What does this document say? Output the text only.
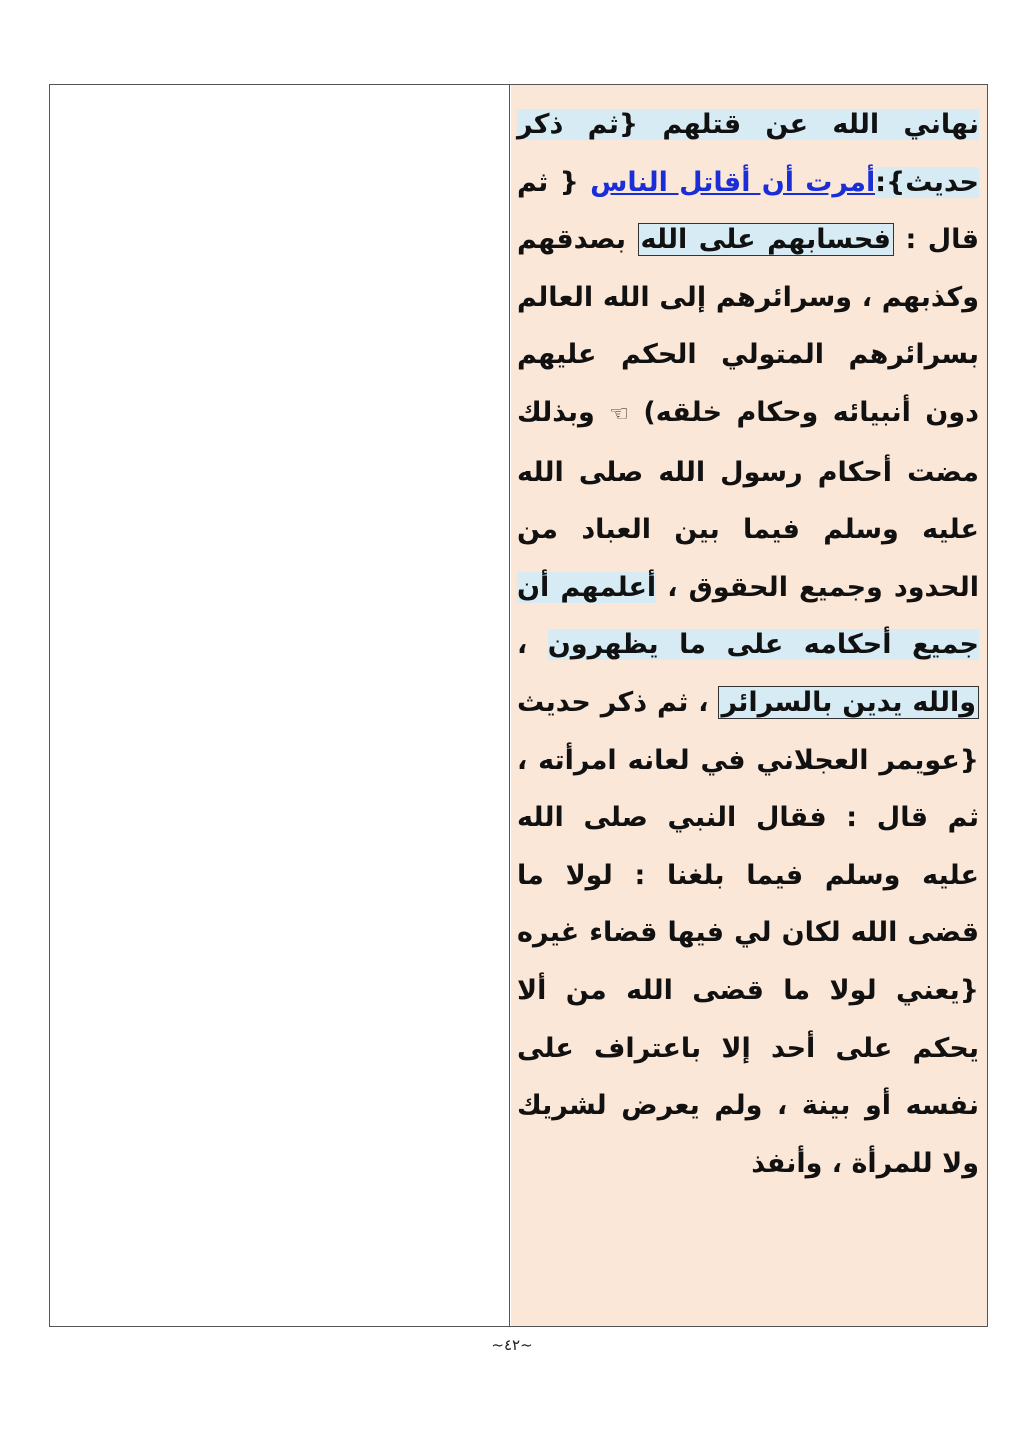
نهاني الله عن قتلهم {ثم ذكر حديث}:أمرت أن أقاتل الناس { ثم قال : فحسابهم على الله بصدقهم وكذبهم ، وسرائرهم إلى الله العالم بسرائرهم المتولي الحكم عليهم دون أنبيائه وحكام خلقه) ☜ وبذلك مضت أحكام رسول الله صلى الله عليه وسلم فيما بين العباد من الحدود وجميع الحقوق ، أعلمهم أن جميع أحكامه على ما يظهرون ، والله يدين بالسرائر ، ثم ذكر حديث {عويمر العجلاني في لعانه امرأته ، ثم قال : فقال النبي صلى الله عليه وسلم فيما بلغنا : لولا ما قضى الله لكان لي فيها قضاء غيره {يعني لولا ما قضى الله من ألا يحكم على أحد إلا باعتراف على نفسه أو بينة ، ولم يعرض لشريك ولا للمرأة ، وأنفذ
~٤٢~
